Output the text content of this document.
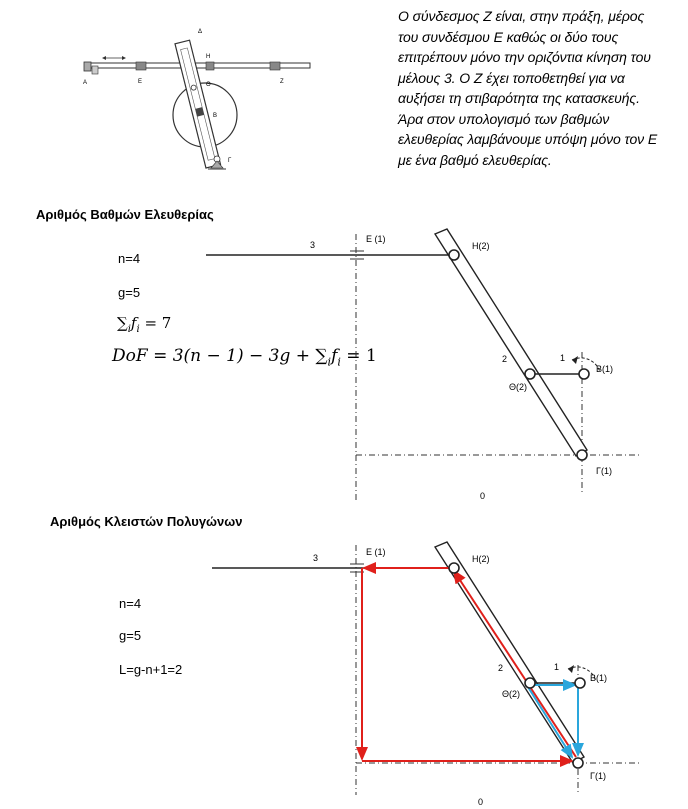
Ο σύνδεσμος Ζ είναι, στην πράξη, μέρος
του συνδέσμου Ε καθώς οι δύο τους
επιτρέπουν μόνο την οριζόντια κίνηση του
μέλους 3. Ο Ζ έχει τοποθετηθεί για να
αυξήσει τη στιβαρότητα της κατασκευής.
Άρα στον υπολογισμό των βαθμών
ελευθερίας λαμβάνουμε υπόψη μόνο τον Ε
με ένα βαθμό ελευθερίας.
Α	Ε	Ζ
Δ
Η
Θ
Β
Γ
Αριθμός Βαθμών Ελευθερίας
n=4
g=5
$\sum_if_i = 7$
DoF = $3(n - 1) - 3g + \sum_if_i = 1$
3
Ε (1)
Η(2)
2	1
Θ(2)
Β(1)
Γ(1)
0
Αριθμός Κλειστών Πολυγώνων
n=4
g=5
L=g-n+1=2
3
Ε (1)
Η(2)
2	1
Θ(2)
Β(1)
Γ(1)
0
